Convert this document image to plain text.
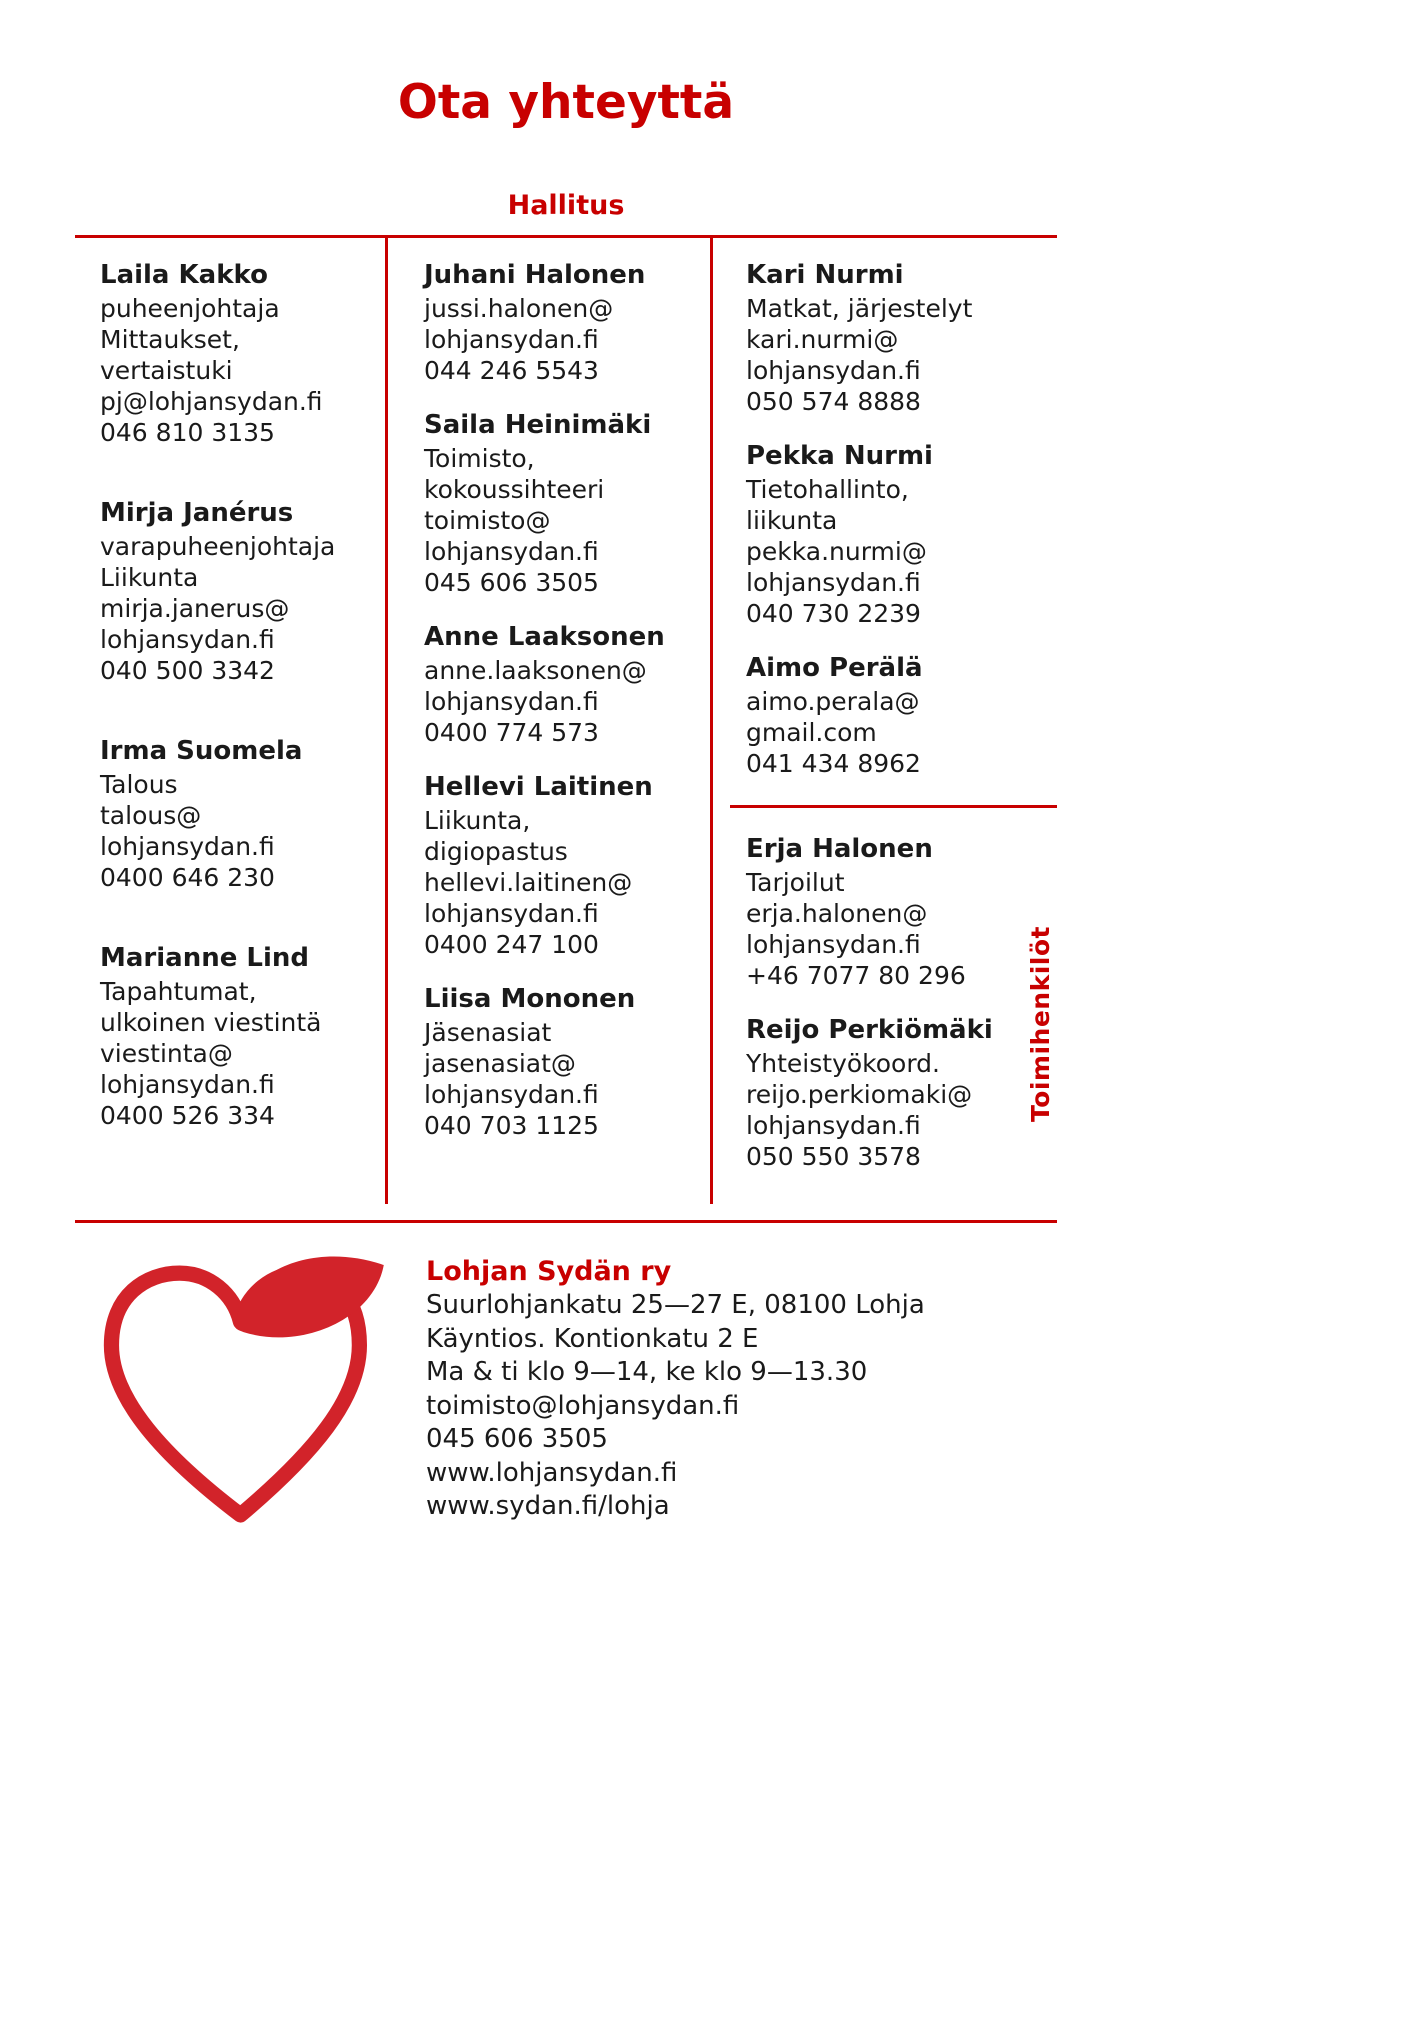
Ota yhteyttä
Hallitus
Laila Kakko
puheenjohtaja
Mittaukset,
vertaistuki
pj@lohjansydan.fi
046 810 3135
Mirja Janérus
varapuheenjohtaja
Liikunta
mirja.janerus@
lohjansydan.fi
040 500 3342
Irma Suomela
Talous
talous@
lohjansydan.fi
0400 646 230
Marianne Lind
Tapahtumat,
ulkoinen viestintä
viestinta@
lohjansydan.fi
0400 526 334
Juhani Halonen
jussi.halonen@
lohjansydan.fi
044 246 5543
Saila Heinimäki
Toimisto,
kokoussihteeri
toimisto@
lohjansydan.fi
045 606 3505
Anne Laaksonen
anne.laaksonen@
lohjansydan.fi
0400 774 573
Hellevi Laitinen
Liikunta,
digiopastus
hellevi.laitinen@
lohjansydan.fi
0400 247 100
Liisa Mononen
Jäsenasiat
jasenasiat@
lohjansydan.fi
040 703 1125
Kari Nurmi
Matkat, järjestelyt
kari.nurmi@
lohjansydan.fi
050 574 8888
Pekka Nurmi
Tietohallinto,
liikunta
pekka.nurmi@
lohjansydan.fi
040 730 2239
Aimo Perälä
aimo.perala@
gmail.com
041 434 8962
Erja Halonen
Tarjoilut
erja.halonen@
lohjansydan.fi
+46 7077 80 296
Reijo Perkiömäki
Yhteistyökoord.
reijo.perkiomaki@
lohjansydan.fi
050 550 3578
Toimihenkilöt
Lohjan Sydän ry
Suurlohjankatu 25—27 E, 08100 Lohja
Käyntios. Kontionkatu 2 E
Ma & ti klo 9—14, ke klo 9—13.30
toimisto@lohjansydan.fi
045 606 3505
www.lohjansydan.fi
www.sydan.fi/lohja
